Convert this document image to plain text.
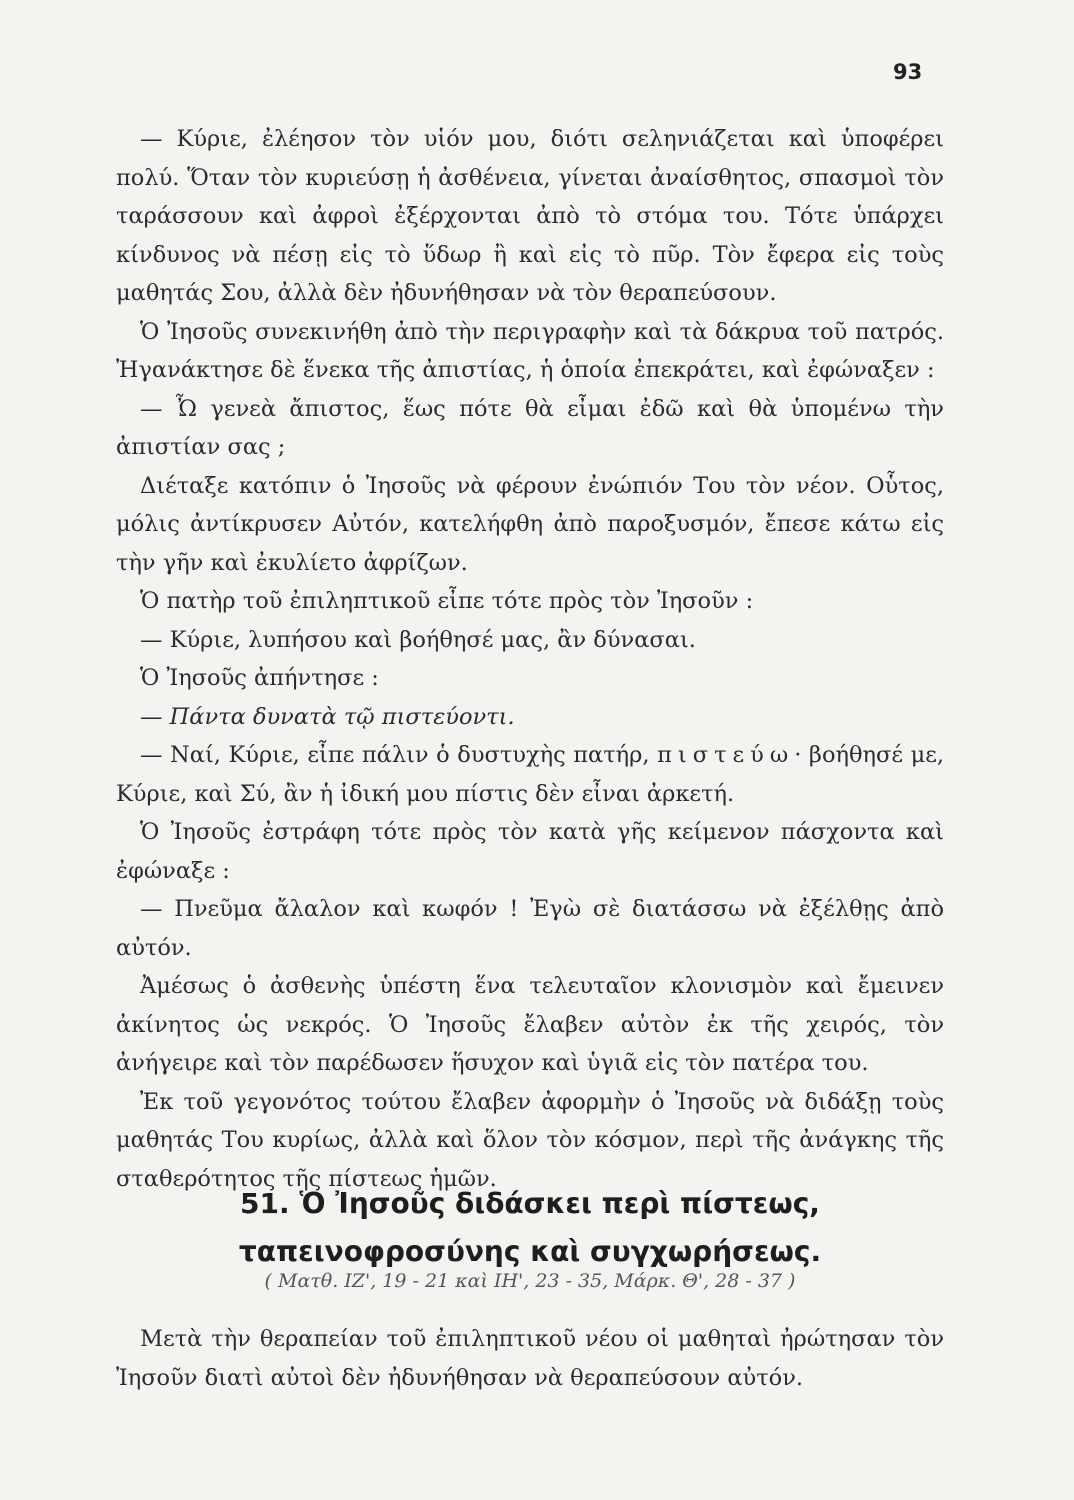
93

— Κύριε, ἐλέησον τὸν υἱόν μου, διότι σεληνιάζεται καὶ ὑποφέρει πολύ. Ὅταν τὸν κυριεύσῃ ἡ ἀσθένεια, γίνεται ἀναίσθητος, σπασμοὶ τὸν ταράσσουν καὶ ἀφροὶ ἐξέρχονται ἀπὸ τὸ στόμα του. Τότε ὑπάρχει κίνδυνος νὰ πέσῃ εἰς τὸ ὕδωρ ἢ καὶ εἰς τὸ πῦρ. Τὸν ἔφερα εἰς τοὺς μαθητάς Σου, ἀλλὰ δὲν ἠδυνήθησαν νὰ τὸν θεραπεύσουν.

Ὁ Ἰησοῦς συνεκινήθη ἀπὸ τὴν περιγραφὴν καὶ τὰ δάκρυα τοῦ πατρός. Ἠγανάκτησε δὲ ἕνεκα τῆς ἀπιστίας, ἡ ὁποία ἐπεκράτει, καὶ ἐφώναξεν :

— Ὦ γενεὰ ἄπιστος, ἕως πότε θὰ εἶμαι ἐδῶ καὶ θὰ ὑπομένω τὴν ἀπιστίαν σας ;

Διέταξε κατόπιν ὁ Ἰησοῦς νὰ φέρουν ἐνώπιόν Του τὸν νέον. Οὗτος, μόλις ἀντίκρυσεν Αὐτόν, κατελήφθη ἀπὸ παροξυσμόν, ἔπεσε κάτω εἰς τὴν γῆν καὶ ἐκυλίετο ἀφρίζων.

Ὁ πατὴρ τοῦ ἐπιληπτικοῦ εἶπε τότε πρὸς τὸν Ἰησοῦν :

— Κύριε, λυπήσου καὶ βοήθησέ μας, ἂν δύνασαι.

Ὁ Ἰησοῦς ἀπήντησε :

— Πάντα δυνατὰ τῷ πιστεύοντι.

— Ναί, Κύριε, εἶπε πάλιν ὁ δυστυχὴς πατήρ, πιστεύω· βοήθησέ με, Κύριε, καὶ Σύ, ἂν ἡ ἰδική μου πίστις δὲν εἶναι ἀρκετή.

Ὁ Ἰησοῦς ἐστράφη τότε πρὸς τὸν κατὰ γῆς κείμενον πάσχοντα καὶ ἐφώναξε :

— Πνεῦμα ἄλαλον καὶ κωφόν ! Ἐγὼ σὲ διατάσσω νὰ ἐξέλθῃς ἀπὸ αὐτόν.

Ἀμέσως ὁ ἀσθενὴς ὑπέστη ἕνα τελευταῖον κλονισμὸν καὶ ἔμεινεν ἀκίνητος ὡς νεκρός. Ὁ Ἰησοῦς ἔλαβεν αὐτὸν ἐκ τῆς χειρός, τὸν ἀνήγειρε καὶ τὸν παρέδωσεν ἥσυχον καὶ ὑγιᾶ εἰς τὸν πατέρα του.

Ἐκ τοῦ γεγονότος τούτου ἔλαβεν ἀφορμὴν ὁ Ἰησοῦς νὰ διδάξῃ τοὺς μαθητάς Του κυρίως, ἀλλὰ καὶ ὅλον τὸν κόσμον, περὶ τῆς ἀνάγκης τῆς σταθερότητος τῆς πίστεως ἡμῶν.

51. Ὁ Ἰησοῦς διδάσκει περὶ πίστεως,
ταπεινοφροσύνης καὶ συγχωρήσεως.
( Ματθ. ΙΖ', 19 - 21 καὶ ΙΗ', 23 - 35, Μάρκ. Θ', 28 - 37 )

Μετὰ τὴν θεραπείαν τοῦ ἐπιληπτικοῦ νέου οἱ μαθηταὶ ἠρώτησαν τὸν Ἰησοῦν διατὶ αὐτοὶ δὲν ἠδυνήθησαν νὰ θεραπεύσουν αὐτόν.
